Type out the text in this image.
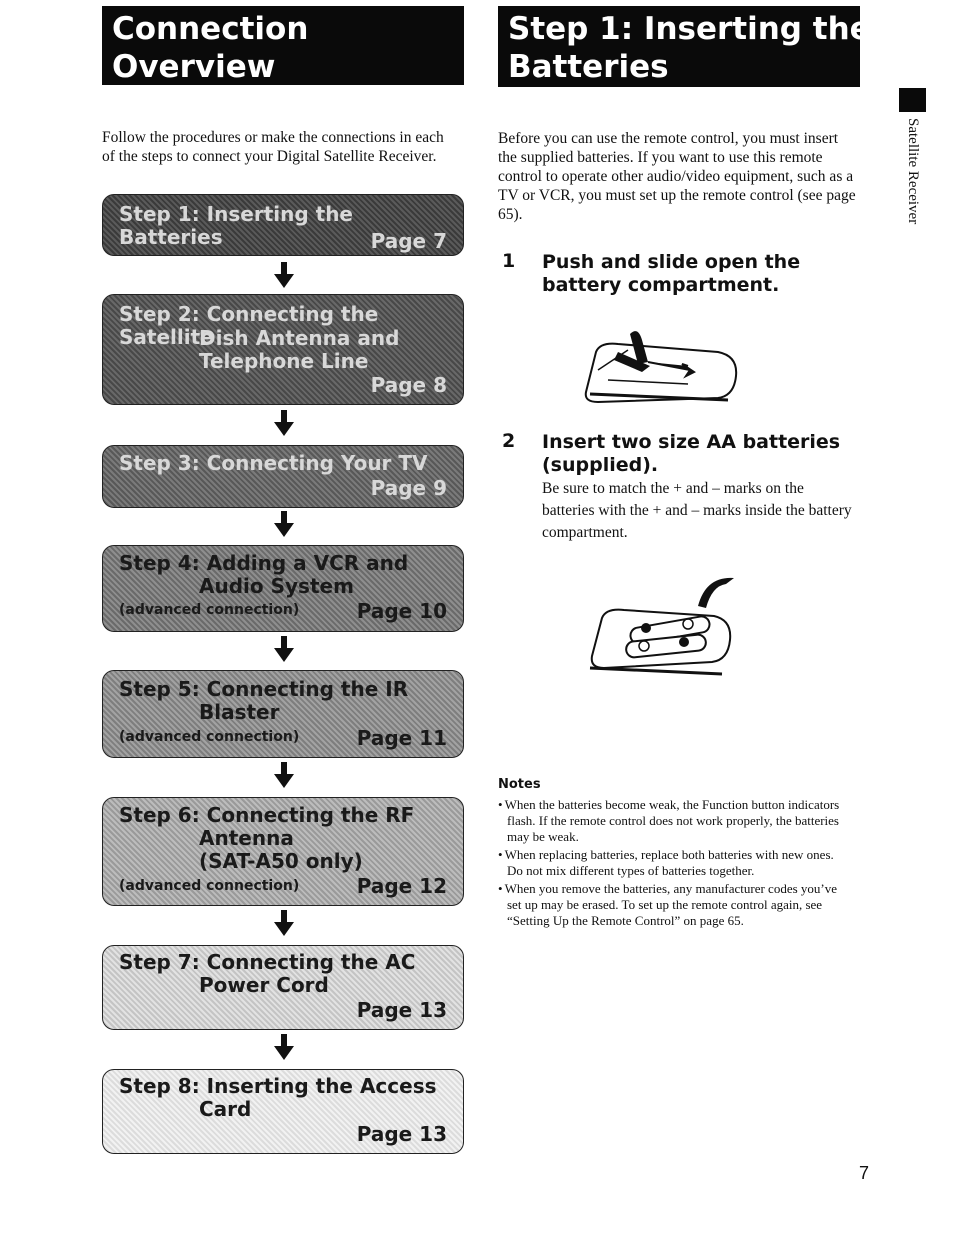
Connection
Overview
Step 1: Inserting the
Batteries
Follow the procedures or make the connections in each of the steps to connect your Digital Satellite Receiver.
Step 1: Inserting the Batteries	Page 7
Step 2: Connecting the Satellite
Dish Antenna and
Telephone Line
Page 8
Step 3: Connecting Your TV
Page 9
Step 4: Adding a VCR and
Audio System
(advanced connection)	Page 10
Step 5: Connecting the IR
Blaster
(advanced connection)	Page 11
Step 6: Connecting the RF
Antenna
(SAT-A50 only)
(advanced connection)	Page 12
Step 7: Connecting the AC
Power Cord
Page 13
Step 8: Inserting the Access
Card
Page 13
Before you can use the remote control, you must insert the supplied batteries. If you want to use this remote control to operate other audio/video equipment, such as a TV or VCR, you must set up the remote control (see page 65).
1 Push and slide open the
battery compartment.
2 Insert two size AA batteries
(supplied).
Be sure to match the + and – marks on the batteries with the + and – marks inside the battery compartment.
Notes
• When the batteries become weak, the Function button indicators flash. If the remote control does not work properly, the batteries may be weak.
• When replacing batteries, replace both batteries with new ones. Do not mix different types of batteries together.
• When you remove the batteries, any manufacturer codes you’ve set up may be erased. To set up the remote control again, see “Setting Up the Remote Control” on page 65.
Satellite Receiver
7
